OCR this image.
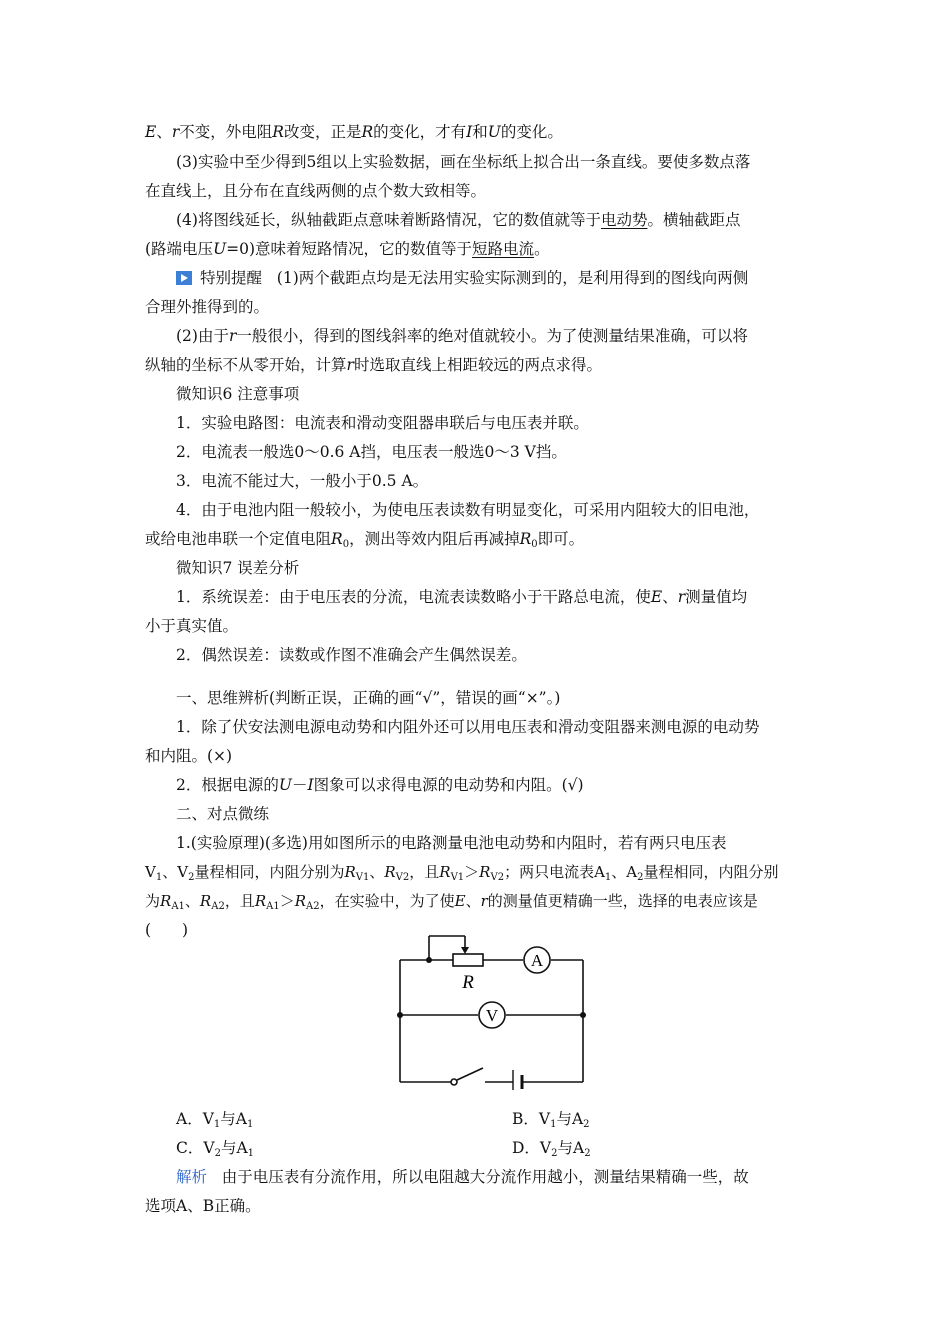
E、r不变，外电阻R改变，正是R的变化，才有I和U的变化。
(3)实验中至少得到5组以上实验数据，画在坐标纸上拟合出一条直线。要使多数点落
在直线上，且分布在直线两侧的点个数大致相等。
(4)将图线延长，纵轴截距点意味着断路情况，它的数值就等于电动势。横轴截距点
(路端电压U=0)意味着短路情况，它的数值等于短路电流。
特别提醒 (1)两个截距点均是无法用实验实际测到的，是利用得到的图线向两侧
合理外推得到的。
(2)由于r一般很小，得到的图线斜率的绝对值就较小。为了使测量结果准确，可以将
纵轴的坐标不从零开始，计算r时选取直线上相距较远的两点求得。
微知识6 注意事项
1．实验电路图：电流表和滑动变阻器串联后与电压表并联。
2．电流表一般选0～0.6 A挡，电压表一般选0～3 V挡。
3．电流不能过大，一般小于0.5 A。
4．由于电池内阻一般较小，为使电压表读数有明显变化，可采用内阻较大的旧电池，
或给电池串联一个定值电阻$R_0$，测出等效内阻后再减掉$R_0$即可。
微知识7 误差分析
1．系统误差：由于电压表的分流，电流表读数略小于干路总电流，使E、r测量值均
小于真实值。
2．偶然误差：读数或作图不准确会产生偶然误差。
一、思维辨析(判断正误，正确的画“√”，错误的画“×”。)
1．除了伏安法测电源电动势和内阻外还可以用电压表和滑动变阻器来测电源的电动势
和内阻。(×)
2．根据电源的U－I图象可以求得电源的电动势和内阻。(√)
二、对点微练
1.(实验原理)(多选)用如图所示的电路测量电池电动势和内阻时，若有两只电压表
$V_1$、$V_2$量程相同，内阻分别为$R_{V1}$、$R_{V2}$，且$R_{V1}>R_{V2}$；两只电流表$A_1$、$A_2$量程相同，内阻分别
为$R_{A1}$、$R_{A2}$，且$R_{A1}>R_{A2}$，在实验中，为了使E、r的测量值更精确一些，选择的电表应该是
(　　)
A
V
R
A．$V_1$与$A_1$	B．$V_1$与$A_2$
C．$V_2$与$A_1$	D．$V_2$与$A_2$
解析 由于电压表有分流作用，所以电阻越大分流作用越小，测量结果精确一些，故
选项A、B正确。
